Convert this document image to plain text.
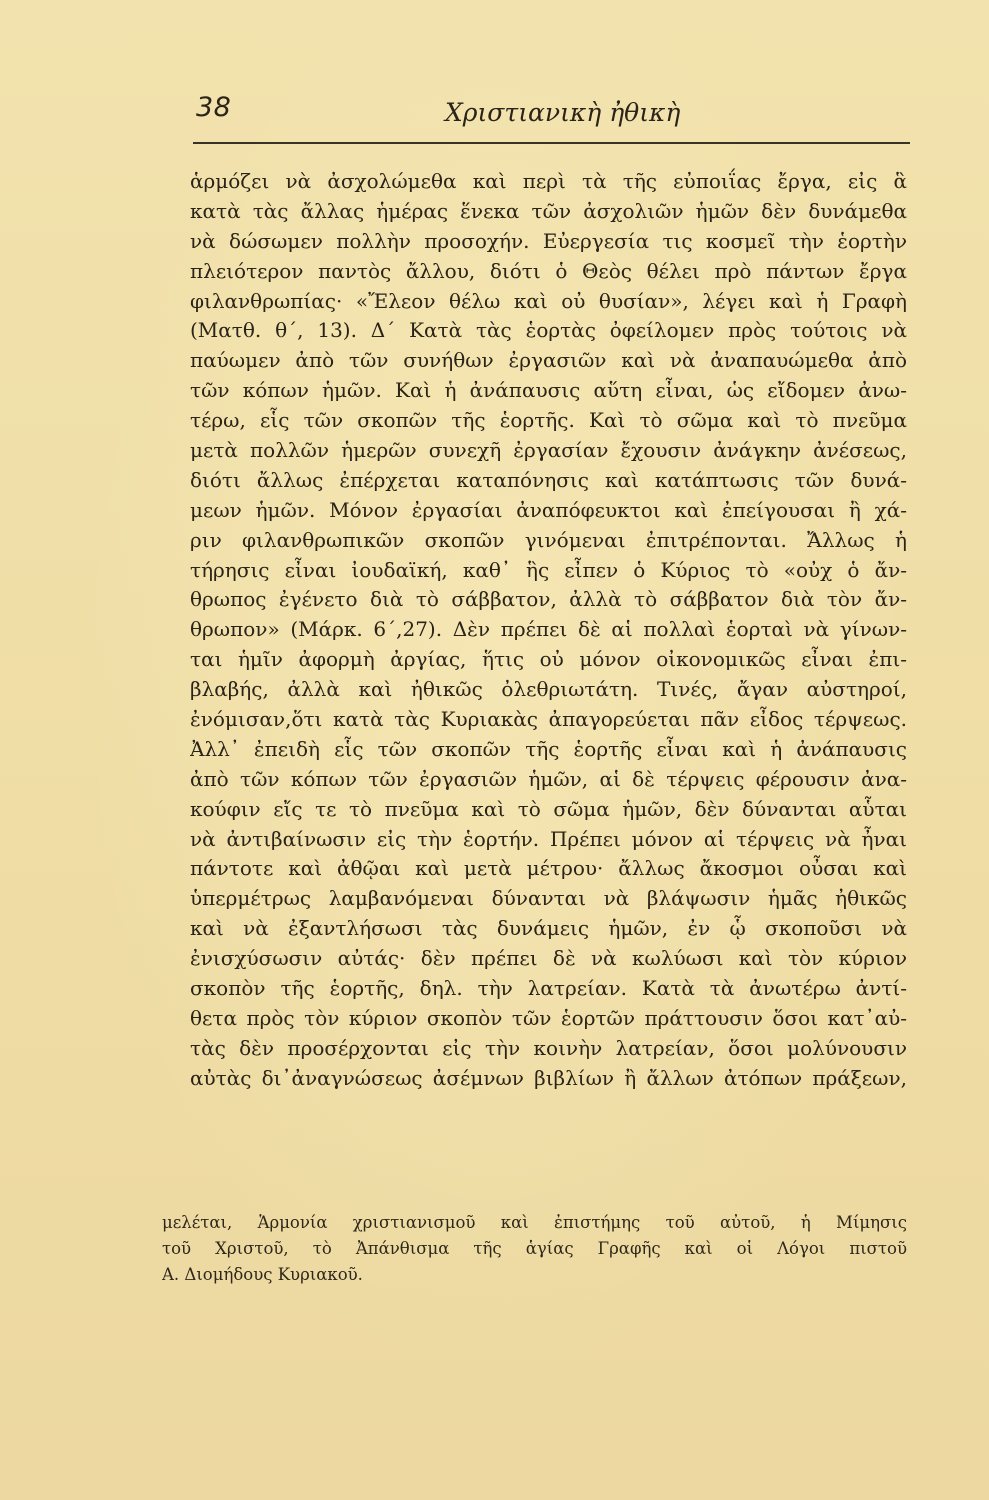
38	Χριστιανικὴ ἠθικὴ
ἁρμόζει νὰ ἀσχολώμεθα καὶ περὶ τὰ τῆς εὐποιΐας ἔργα, εἰς ἃ
κατὰ τὰς ἄλλας ἡμέρας ἕνεκα τῶν ἀσχολιῶν ἡμῶν δὲν δυνάμεθα
νὰ δώσωμεν πολλὴν προσοχήν. Εὐεργεσία τις κοσμεῖ τὴν ἑορτὴν
πλειότερον παντὸς ἄλλου, διότι ὁ Θεὸς θέλει πρὸ πάντων ἔργα
φιλανθρωπίας· «Ἔλεον θέλω καὶ οὐ θυσίαν», λέγει καὶ ἡ Γραφὴ
(Ματθ. θ΄, 13). Δ΄ Κατὰ τὰς ἑορτὰς ὀφείλομεν πρὸς τούτοις νὰ
παύωμεν ἀπὸ τῶν συνήθων ἐργασιῶν καὶ νὰ ἀναπαυώμεθα ἀπὸ
τῶν κόπων ἡμῶν. Καὶ ἡ ἀνάπαυσις αὕτη εἶναι, ὡς εἴδομεν ἀνω-
τέρω, εἷς τῶν σκοπῶν τῆς ἑορτῆς. Καὶ τὸ σῶμα καὶ τὸ πνεῦμα
μετὰ πολλῶν ἡμερῶν συνεχῆ ἐργασίαν ἔχουσιν ἀνάγκην ἀνέσεως,
διότι ἄλλως ἐπέρχεται καταπόνησις καὶ κατάπτωσις τῶν δυνά-
μεων ἡμῶν. Μόνον ἐργασίαι ἀναπόφευκτοι καὶ ἐπείγουσαι ἢ χά-
ριν φιλανθρωπικῶν σκοπῶν γινόμεναι ἐπιτρέπονται. Ἄλλως ἡ
τήρησις εἶναι ἰουδαϊκή, καθ᾽ ἣς εἶπεν ὁ Κύριος τὸ «οὐχ ὁ ἄν-
θρωπος ἐγένετο διὰ τὸ σάββατον, ἀλλὰ τὸ σάββατον διὰ τὸν ἄν-
θρωπον» (Μάρκ. 6΄,27). Δὲν πρέπει δὲ αἱ πολλαὶ ἑορταὶ νὰ γίνων-
ται ἡμῖν ἀφορμὴ ἀργίας, ἥτις οὐ μόνον οἰκονομικῶς εἶναι ἐπι-
βλαβής, ἀλλὰ καὶ ἠθικῶς ὀλεθριωτάτη. Τινές, ἄγαν αὐστηροί,
ἐνόμισαν,ὅτι κατὰ τὰς Κυριακὰς ἀπαγορεύεται πᾶν εἶδος τέρψεως.
Ἀλλ᾽ ἐπειδὴ εἷς τῶν σκοπῶν τῆς ἑορτῆς εἶναι καὶ ἡ ἀνάπαυσις
ἀπὸ τῶν κόπων τῶν ἐργασιῶν ἡμῶν, αἱ δὲ τέρψεις φέρουσιν ἀνα-
κούφιν εἴς τε τὸ πνεῦμα καὶ τὸ σῶμα ἡμῶν, δὲν δύνανται αὗται
νὰ ἀντιβαίνωσιν εἰς τὴν ἑορτήν. Πρέπει μόνον αἱ τέρψεις νὰ ἦναι
πάντοτε καὶ ἀθῷαι καὶ μετὰ μέτρου· ἄλλως ἄκοσμοι οὖσαι καὶ
ὑπερμέτρως λαμβανόμεναι δύνανται νὰ βλάψωσιν ἡμᾶς ἠθικῶς
καὶ νὰ ἐξαντλήσωσι τὰς δυνάμεις ἡμῶν, ἐν ᾧ σκοποῦσι νὰ
ἐνισχύσωσιν αὐτάς· δὲν πρέπει δὲ νὰ κωλύωσι καὶ τὸν κύριον
σκοπὸν τῆς ἑορτῆς, δηλ. τὴν λατρείαν. Κατὰ τὰ ἀνωτέρω ἀντί-
θετα πρὸς τὸν κύριον σκοπὸν τῶν ἑορτῶν πράττουσιν ὅσοι κατ᾽αὐ-
τὰς δὲν προσέρχονται εἰς τὴν κοινὴν λατρείαν, ὅσοι μολύνουσιν
αὐτὰς δι᾽ἀναγνώσεως ἀσέμνων βιβλίων ἢ ἄλλων ἀτόπων πράξεων,
μελέται, Ἁρμονία χριστιανισμοῦ καὶ ἐπιστήμης τοῦ αὐτοῦ, ἡ Μίμησις
τοῦ Χριστοῦ, τὸ Ἀπάνθισμα τῆς ἁγίας Γραφῆς καὶ οἱ Λόγοι πιστοῦ
Α. Διομήδους Κυριακοῦ.
